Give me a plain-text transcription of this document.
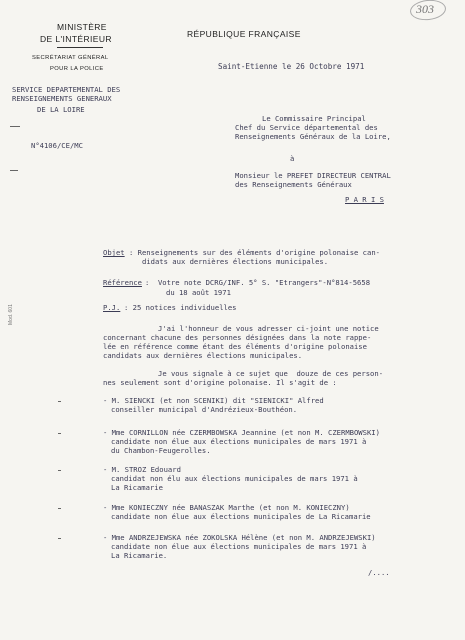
303
MINISTÈRE
DE L'INTÉRIEUR
SECRÉTARIAT GÉNÉRAL
POUR LA POLICE
SERVICE DEPARTEMENTAL DES
RENSEIGNEMENTS GENERAUX
DE LA LOIRE
N°4106/CE/MC
RÉPUBLIQUE FRANÇAISE
Saint-Etienne le 26 Octobre 1971
Le Commissaire Principal
Chef du Service départemental des
Renseignements Généraux de la Loire,
à
Monsieur le PREFET DIRECTEUR CENTRAL
des Renseignements Généraux
P A R I S
Objet : Renseignements sur des éléments d'origine polonaise can-
didats aux dernières élections municipales.
Référence :  Votre note DCRG/INF. 5° S. "Etrangers"-N°814-5658
du 18 août 1971
P.J. : 25 notices individuelles
J'ai l'honneur de vous adresser ci-joint une notice
concernant chacune des personnes désignées dans la note rappe-
lée en référence comme étant des éléments d'origine polonaise
candidats aux dernières élections municipales.
Je vous signale à ce sujet que  douze de ces person-
nes seulement sont d'origine polonaise. Il s'agit de :
Mod. 601
- M. SIENCKI (et non SCENIKI) dit "SIENICKI" Alfred
conseiller municipal d'Andrézieux-Bouthéon.
- Mme CORNILLON née CZERMBOWSKA Jeannine (et non M. CZERMBOWSKI)
candidate non élue aux élections municipales de mars 1971 à
du Chambon-Feugerolles.
- M. STROZ Edouard
candidat non élu aux élections municipales de mars 1971 à
La Ricamarie
- Mme KONIECZNY née BANASZAK Marthe (et non M. KONIECZNY)
candidate non élue aux élections municipales de La Ricamarie
- Mme ANDRZEJEWSKA née ZOKOLSKA Hélène (et non M. ANDRZEJEWSKI)
candidate non élue aux élections municipales de mars 1971 à
La Ricamarie.
/....
